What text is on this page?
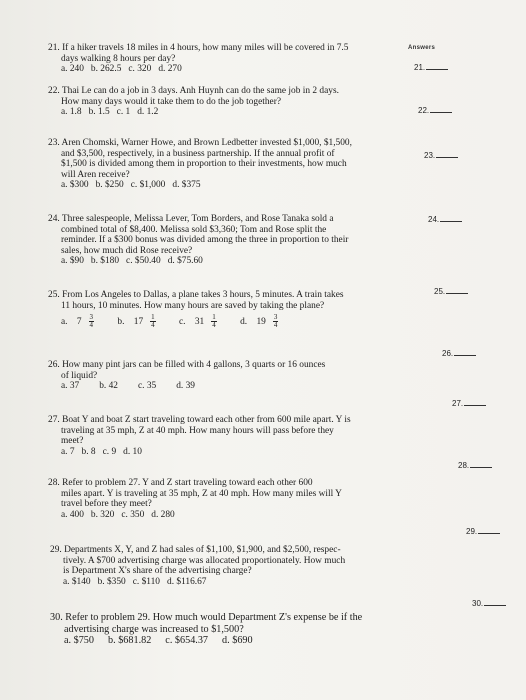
Answers
21. If a hiker travels 18 miles in 4 hours, how many miles will be covered in 7.5
days walking 8 hours per day?
a. 240 b. 262.5 c. 320 d. 270	21.
22. Thai Le can do a job in 3 days. Anh Huynh can do the same job in 2 days.
How many days would it take them to do the job together?
a. 1.8 b. 1.5 c. 1 d. 1.2	22.
23. Aren Chomski, Warner Howe, and Brown Ledbetter invested $1,000, $1,500,
and $3,500, respectively, in a business partnership. If the annual profit of
$1,500 is divided among them in proportion to their investments, how much
will Aren receive?
a. $300 b. $250 c. $1,000 d. $375
23.
24. Three salespeople, Melissa Lever, Tom Borders, and Rose Tanaka sold a
combined total of $8,400. Melissa sold $3,360; Tom and Rose split the
reminder. If a $300 bonus was divided among the three in proportion to their
sales, how much did Rose receive?
a. $90 b. $180 c. $50.40 d. $75.60
24.
25. From Los Angeles to Dallas, a plane takes 3 hours, 5 minutes. A train takes
11 hours, 10 minutes. How many hours are saved by taking the plane?
a. $7 \frac{3}{4} b$. $17 \frac{1}{4} c$. $31 \frac{1}{4} d$. $19 \frac{3}{4}$
25.
26. How many pint jars can be filled with 4 gallons, 3 quarts or 16 ounces
of liquid?
a. 37 b. 42 c. 35 d. 39
26.
27. Boat Y and boat Z start traveling toward each other from 600 mile apart. Y is
traveling at 35 mph, Z at 40 mph. How many hours will pass before they
meet?
a. 7 b. 8 c. 9 d. 10
27.
28. Refer to problem 27. Y and Z start traveling toward each other 600
miles apart. Y is traveling at 35 mph, Z at 40 mph. How many miles will Y
travel before they meet?
a. 400 b. 320 c. 350 d. 280
28.
29. Departments X, Y, and Z had sales of $1,100, $1,900, and $2,500, respec-
tively. A $700 advertising charge was allocated proportionately. How much
is Department X's share of the advertising charge?
a. $140 b. $350 c. $110 d. $116.67
29.
30. Refer to problem 29. How much would Department Z's expense be if the
advertising charge was increased to $1,500?
a. $750 b. $681.82 c. $654.37 d. $690
30.
